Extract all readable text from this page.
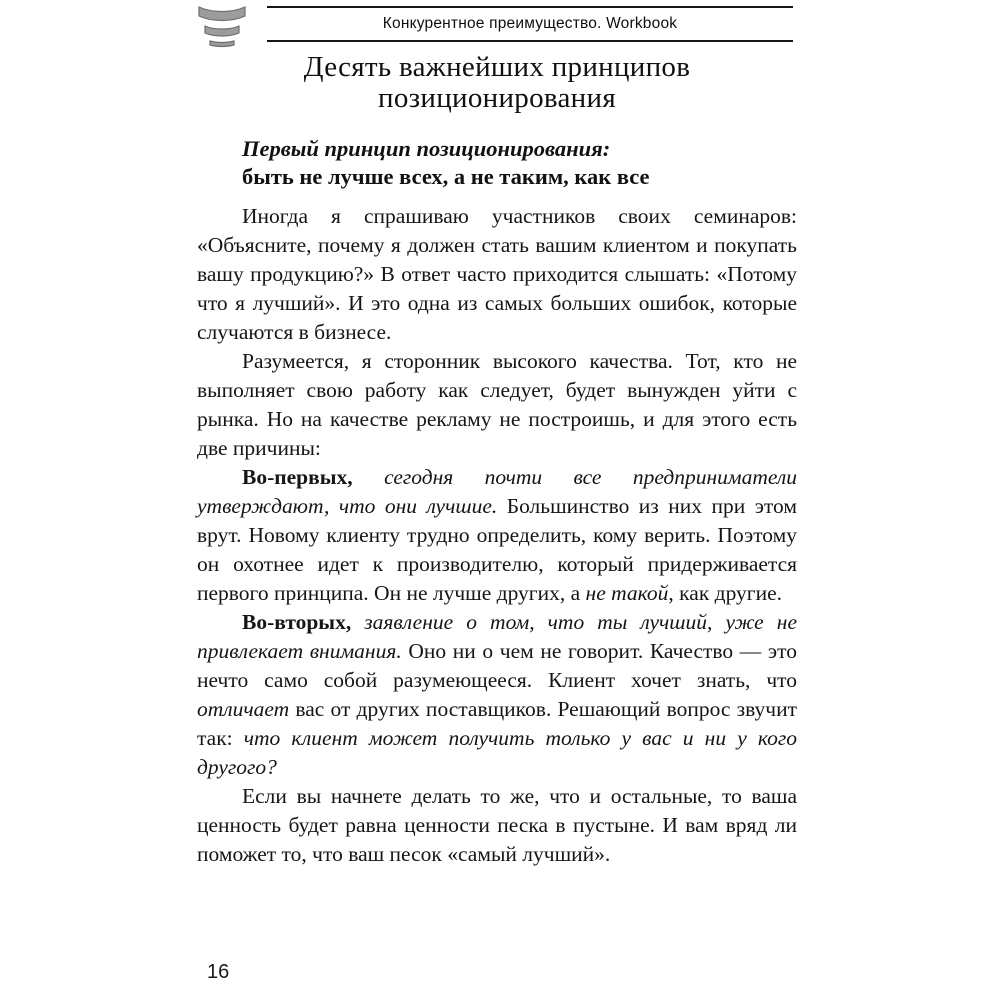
Конкурентное преимущество. Workbook
Десять важнейших принципов
позиционирования
Первый принцип позиционирования:
быть не лучше всех, а не таким, как все

Иногда я спрашиваю участников своих семинаров: «Объясните, почему я должен стать вашим клиентом и покупать вашу продукцию?» В ответ часто приходится слышать: «Потому что я лучший». И это одна из самых больших ошибок, которые случаются в бизнесе.

Разумеется, я сторонник высокого качества. Тот, кто не выполняет свою работу как следует, будет вынужден уйти с рынка. Но на качестве рекламу не построишь, и для этого есть две причины:

Во-первых, сегодня почти все предприниматели утверждают, что они лучшие. Большинство из них при этом врут. Новому клиенту трудно определить, кому верить. Поэтому он охотнее идет к производителю, который придерживается первого принципа. Он не лучше других, а не такой, как другие.

Во-вторых, заявление о том, что ты лучший, уже не привлекает внимания. Оно ни о чем не говорит. Качество — это нечто само собой разумеющееся. Клиент хочет знать, что отличает вас от других поставщиков. Решающий вопрос звучит так: что клиент может получить только у вас и ни у кого другого?

Если вы начнете делать то же, что и остальные, то ваша ценность будет равна ценности песка в пустыне. И вам вряд ли поможет то, что ваш песок «самый лучший».

16
